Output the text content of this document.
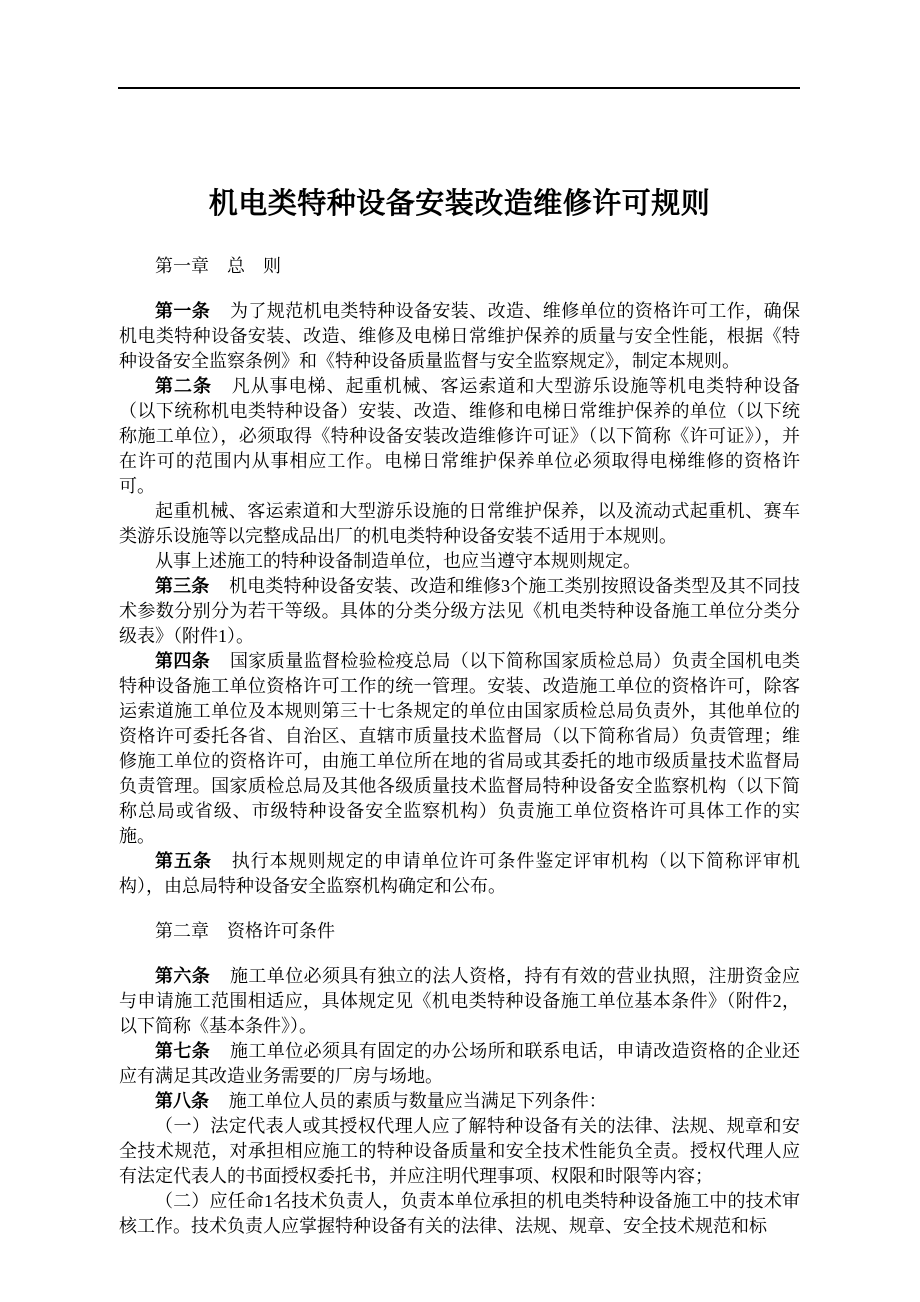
机电类特种设备安装改造维修许可规则

第一章　总　则

第一条 为了规范机电类特种设备安装、改造、维修单位的资格许可工作，确保机电类特种设备安装、改造、维修及电梯日常维护保养的质量与安全性能，根据《特种设备安全监察条例》和《特种设备质量监督与安全监察规定》，制定本规则。

第二条 凡从事电梯、起重机械、客运索道和大型游乐设施等机电类特种设备（以下统称机电类特种设备）安装、改造、维修和电梯日常维护保养的单位（以下统称施工单位），必须取得《特种设备安装改造维修许可证》（以下简称《许可证》），并在许可的范围内从事相应工作。电梯日常维护保养单位必须取得电梯维修的资格许可。

起重机械、客运索道和大型游乐设施的日常维护保养，以及流动式起重机、赛车类游乐设施等以完整成品出厂的机电类特种设备安装不适用于本规则。

从事上述施工的特种设备制造单位，也应当遵守本规则规定。

第三条 机电类特种设备安装、改造和维修3个施工类别按照设备类型及其不同技术参数分别分为若干等级。具体的分类分级方法见《机电类特种设备施工单位分类分级表》（附件1）。

第四条 国家质量监督检验检疫总局（以下简称国家质检总局）负责全国机电类特种设备施工单位资格许可工作的统一管理。安装、改造施工单位的资格许可，除客运索道施工单位及本规则第三十七条规定的单位由国家质检总局负责外，其他单位的资格许可委托各省、自治区、直辖市质量技术监督局（以下简称省局）负责管理；维修施工单位的资格许可，由施工单位所在地的省局或其委托的地市级质量技术监督局负责管理。国家质检总局及其他各级质量技术监督局特种设备安全监察机构（以下简称总局或省级、市级特种设备安全监察机构）负责施工单位资格许可具体工作的实施。

第五条 执行本规则规定的申请单位许可条件鉴定评审机构（以下简称评审机构），由总局特种设备安全监察机构确定和公布。

第二章　资格许可条件

第六条 施工单位必须具有独立的法人资格，持有有效的营业执照，注册资金应与申请施工范围相适应，具体规定见《机电类特种设备施工单位基本条件》（附件2，以下简称《基本条件》）。

第七条 施工单位必须具有固定的办公场所和联系电话，申请改造资格的企业还应有满足其改造业务需要的厂房与场地。

第八条 施工单位人员的素质与数量应当满足下列条件：

（一）法定代表人或其授权代理人应了解特种设备有关的法律、法规、规章和安全技术规范，对承担相应施工的特种设备质量和安全技术性能负全责。授权代理人应有法定代表人的书面授权委托书，并应注明代理事项、权限和时限等内容；

（二）应任命1名技术负责人，负责本单位承担的机电类特种设备施工中的技术审核工作。技术负责人应掌握特种设备有关的法律、法规、规章、安全技术规范和标
